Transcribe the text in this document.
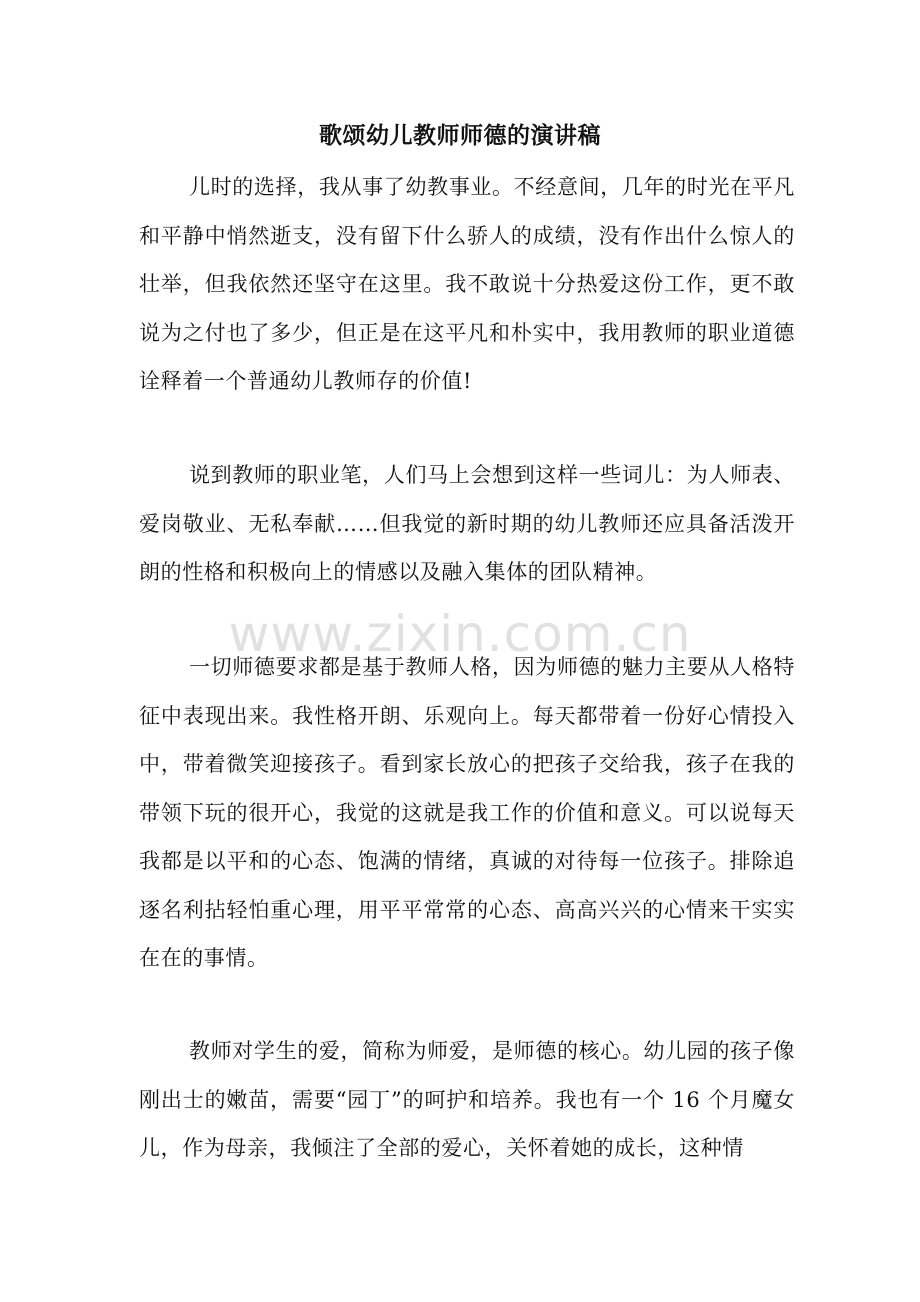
歌颂幼儿教师师德的演讲稿

儿时的选择，我从事了幼教事业。不经意间，几年的时光在平凡和平静中悄然逝支，没有留下什么骄人的成绩，没有作出什么惊人的壮举，但我依然还坚守在这里。我不敢说十分热爱这份工作，更不敢说为之付也了多少，但正是在这平凡和朴实中，我用教师的职业道德诠释着一个普通幼儿教师存的价值!

说到教师的职业笔，人们马上会想到这样一些词儿：为人师表、爱岗敬业、无私奉献……但我觉的新时期的幼儿教师还应具备活泼开朗的性格和积极向上的情感以及融入集体的团队精神。

一切师德要求都是基于教师人格，因为师德的魅力主要从人格特征中表现出来。我性格开朗、乐观向上。每天都带着一份好心情投入中，带着微笑迎接孩子。看到家长放心的把孩子交给我，孩子在我的带领下玩的很开心，我觉的这就是我工作的价值和意义。可以说每天我都是以平和的心态、饱满的情绪，真诚的对待每一位孩子。排除追逐名利拈轻怕重心理，用平平常常的心态、高高兴兴的心情来干实实在在的事情。

教师对学生的爱，简称为师爱，是师德的核心。幼儿园的孩子像刚出士的嫩苗，需要“园丁”的呵护和培养。我也有一个 16 个月魔女儿，作为母亲，我倾注了全部的爱心，关怀着她的成长，这种情

www.zixin.com.cn
